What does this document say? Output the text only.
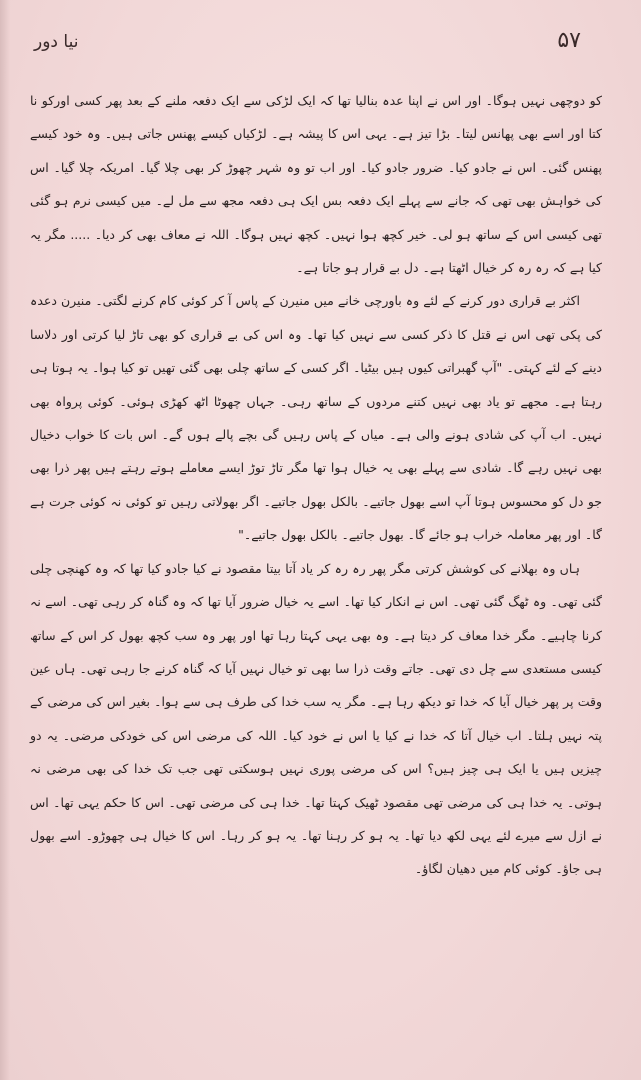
نیا دور	۵۷

کو دوچھی نہیں ہوگا۔ اور اس نے اپنا عدہ بنالیا تھا کہ ایک لڑکی سے ایک دفعہ ملنے کے بعد پھر کسی اورکو نا کتا اور اسے بھی پھانس لیتا۔ بڑا تیز ہے۔ یہی اس کا پیشہ ہے۔ لڑکیاں کیسے پھنس جاتی ہیں۔ وہ خود کیسے پھنس گئی۔ اس نے جادو کیا۔ ضرور جادو کیا۔ اور اب تو وہ شہر چھوڑ کر بھی چلا گیا۔ امریکہ چلا گیا۔ اس کی خواہش بھی تھی کہ جانے سے پہلے ایک دفعہ بس ایک ہی دفعہ مجھ سے مل لے۔ میں کیسی نرم ہو گئی تھی کیسی اس کے ساتھ ہو لی۔ خیر کچھ ہوا نہیں۔ کچھ نہیں ہوگا۔ اللہ نے معاف بھی کر دیا۔ ..... مگر یہ کیا ہے کہ رہ رہ کر خیال اٹھتا ہے۔ دل بے قرار ہو جاتا ہے۔

اکثر بے قراری دور کرنے کے لئے وہ باورچی خانے میں منیرن کے پاس آ کر کوئی کام کرنے لگتی۔ منیرن دعدہ کی پکی تھی اس نے قتل کا ذکر کسی سے نہیں کیا تھا۔ وہ اس کی بے قراری کو بھی تاڑ لیا کرتی اور دلاسا دینے کے لئے کہتی۔ "آپ گھبراتی کیوں ہیں بیٹیا۔ اگر کسی کے ساتھ چلی بھی گئی تھیں تو کیا ہوا۔ یہ ہوتا ہی رہتا ہے۔ مجھے تو یاد بھی نہیں کتنے مردوں کے ساتھ رہی۔ جہاں چھوٹا اٹھ کھڑی ہوئی۔ کوئی پرواہ بھی نہیں۔ اب آپ کی شادی ہونے والی ہے۔ میاں کے پاس رہیں گی بچے پالے ہوں گے۔ اس بات کا خواب دخیال بھی نہیں رہے گا۔ شادی سے پہلے بھی یہ خیال ہوا تھا مگر تاڑ توڑ ایسے معاملے ہوتے رہتے ہیں پھر ذرا بھی جو دل کو محسوس ہوتا آپ اسے بھول جاتیے۔ بالکل بھول جاتیے۔ اگر بھولاتی رہیں تو کوئی نہ کوئی جرت ہے گا۔ اور پھر معاملہ خراب ہو جائے گا۔ بھول جاتیے۔ بالکل بھول جاتیے۔"

ہاں وہ بھلانے کی کوشش کرتی مگر پھر رہ رہ کر یاد آتا بیتا مقصود نے کیا جادو کیا تھا کہ وہ کھنچی چلی گئی تھی۔ وہ ٹھگ گئی تھی۔ اس نے انکار کیا تھا۔ اسے یہ خیال ضرور آیا تھا کہ وہ گناہ کر رہی تھی۔ اسے نہ کرنا چاہیے۔ مگر خدا معاف کر دیتا ہے۔ وہ بھی یہی کہتا رہا تھا اور پھر وہ سب کچھ بھول کر اس کے ساتھ کیسی مستعدی سے چل دی تھی۔ جاتے وقت ذرا سا بھی تو خیال نہیں آیا کہ گناہ کرنے جا رہی تھی۔ ہاں عین وقت پر پھر خیال آیا کہ خدا تو دیکھ رہا ہے۔ مگر یہ سب خدا کی طرف ہی سے ہوا۔ بغیر اس کی مرضی کے پتہ نہیں ہلتا۔ اب خیال آتا کہ خدا نے کیا یا اس نے خود کیا۔ اللہ کی مرضی اس کی خودکی مرضی۔ یہ دو چیزیں ہیں یا ایک ہی چیز ہیں؟ اس کی مرضی پوری نہیں ہوسکتی تھی جب تک خدا کی بھی مرضی نہ ہوتی۔ یہ خدا ہی کی مرضی تھی مقصود ٹھیک کہتا تھا۔ خدا ہی کی مرضی تھی۔ اس کا حکم یہی تھا۔ اس نے ازل سے میرے لئے یہی لکھ دیا تھا۔ یہ ہو کر رہنا تھا۔ یہ ہو کر رہا۔ اس کا خیال ہی چھوڑو۔ اسے بھول ہی جاؤ۔ کوئی کام میں دھیان لگاؤ۔
